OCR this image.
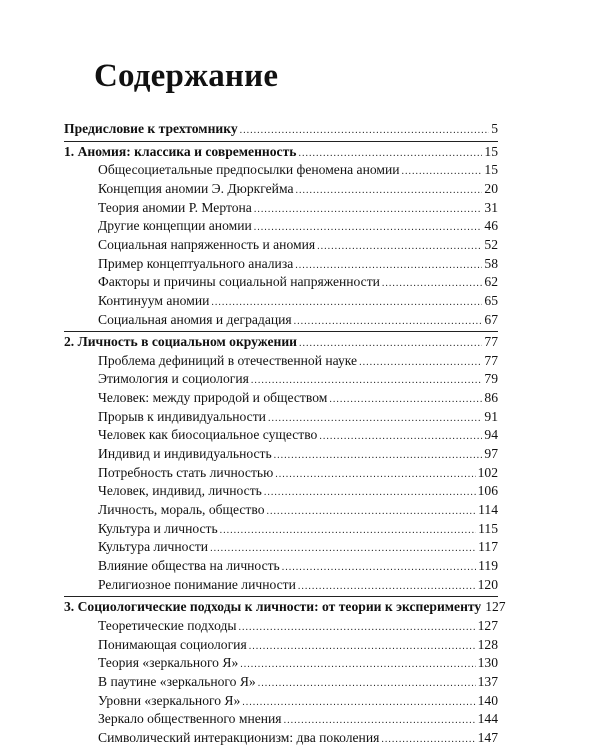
Содержание
Предисловие к трехтомнику .....	5
1. Аномия: классика и современность .....	15
Общесоциетальные предпосылки феномена аномии .....	15
Концепция аномии Э. Дюркгейма .....	20
Теория аномии Р. Мертона .....	31
Другие концепции аномии .....	46
Социальная напряженность и аномия .....	52
Пример концептуального анализа .....	58
Факторы и причины социальной напряженности .....	62
Континуум аномии .....	65
Социальная аномия и деградация .....	67
2. Личность в социальном окружении .....	77
Проблема дефиниций в отечественной науке .....	77
Этимология и социология .....	79
Человек: между природой и обществом .....	86
Прорыв к индивидуальности .....	91
Человек как биосоциальное существо .....	94
Индивид и индивидуальность .....	97
Потребность стать личностью .....	102
Человек, индивид, личность .....	106
Личность, мораль, общество .....	114
Культура и личность .....	115
Культура личности .....	117
Влияние общества на личность .....	119
Религиозное понимание личности .....	120
3. Социологические подходы к личности: от теории к эксперименту 127
Теоретические подходы .....	127
Понимающая социология .....	128
Теория «зеркального Я» .....	130
В паутине «зеркального Я» .....	137
Уровни «зеркального Я» .....	140
Зеркало общественного мнения .....	144
Символический интеракционизм: два поколения .....	147
